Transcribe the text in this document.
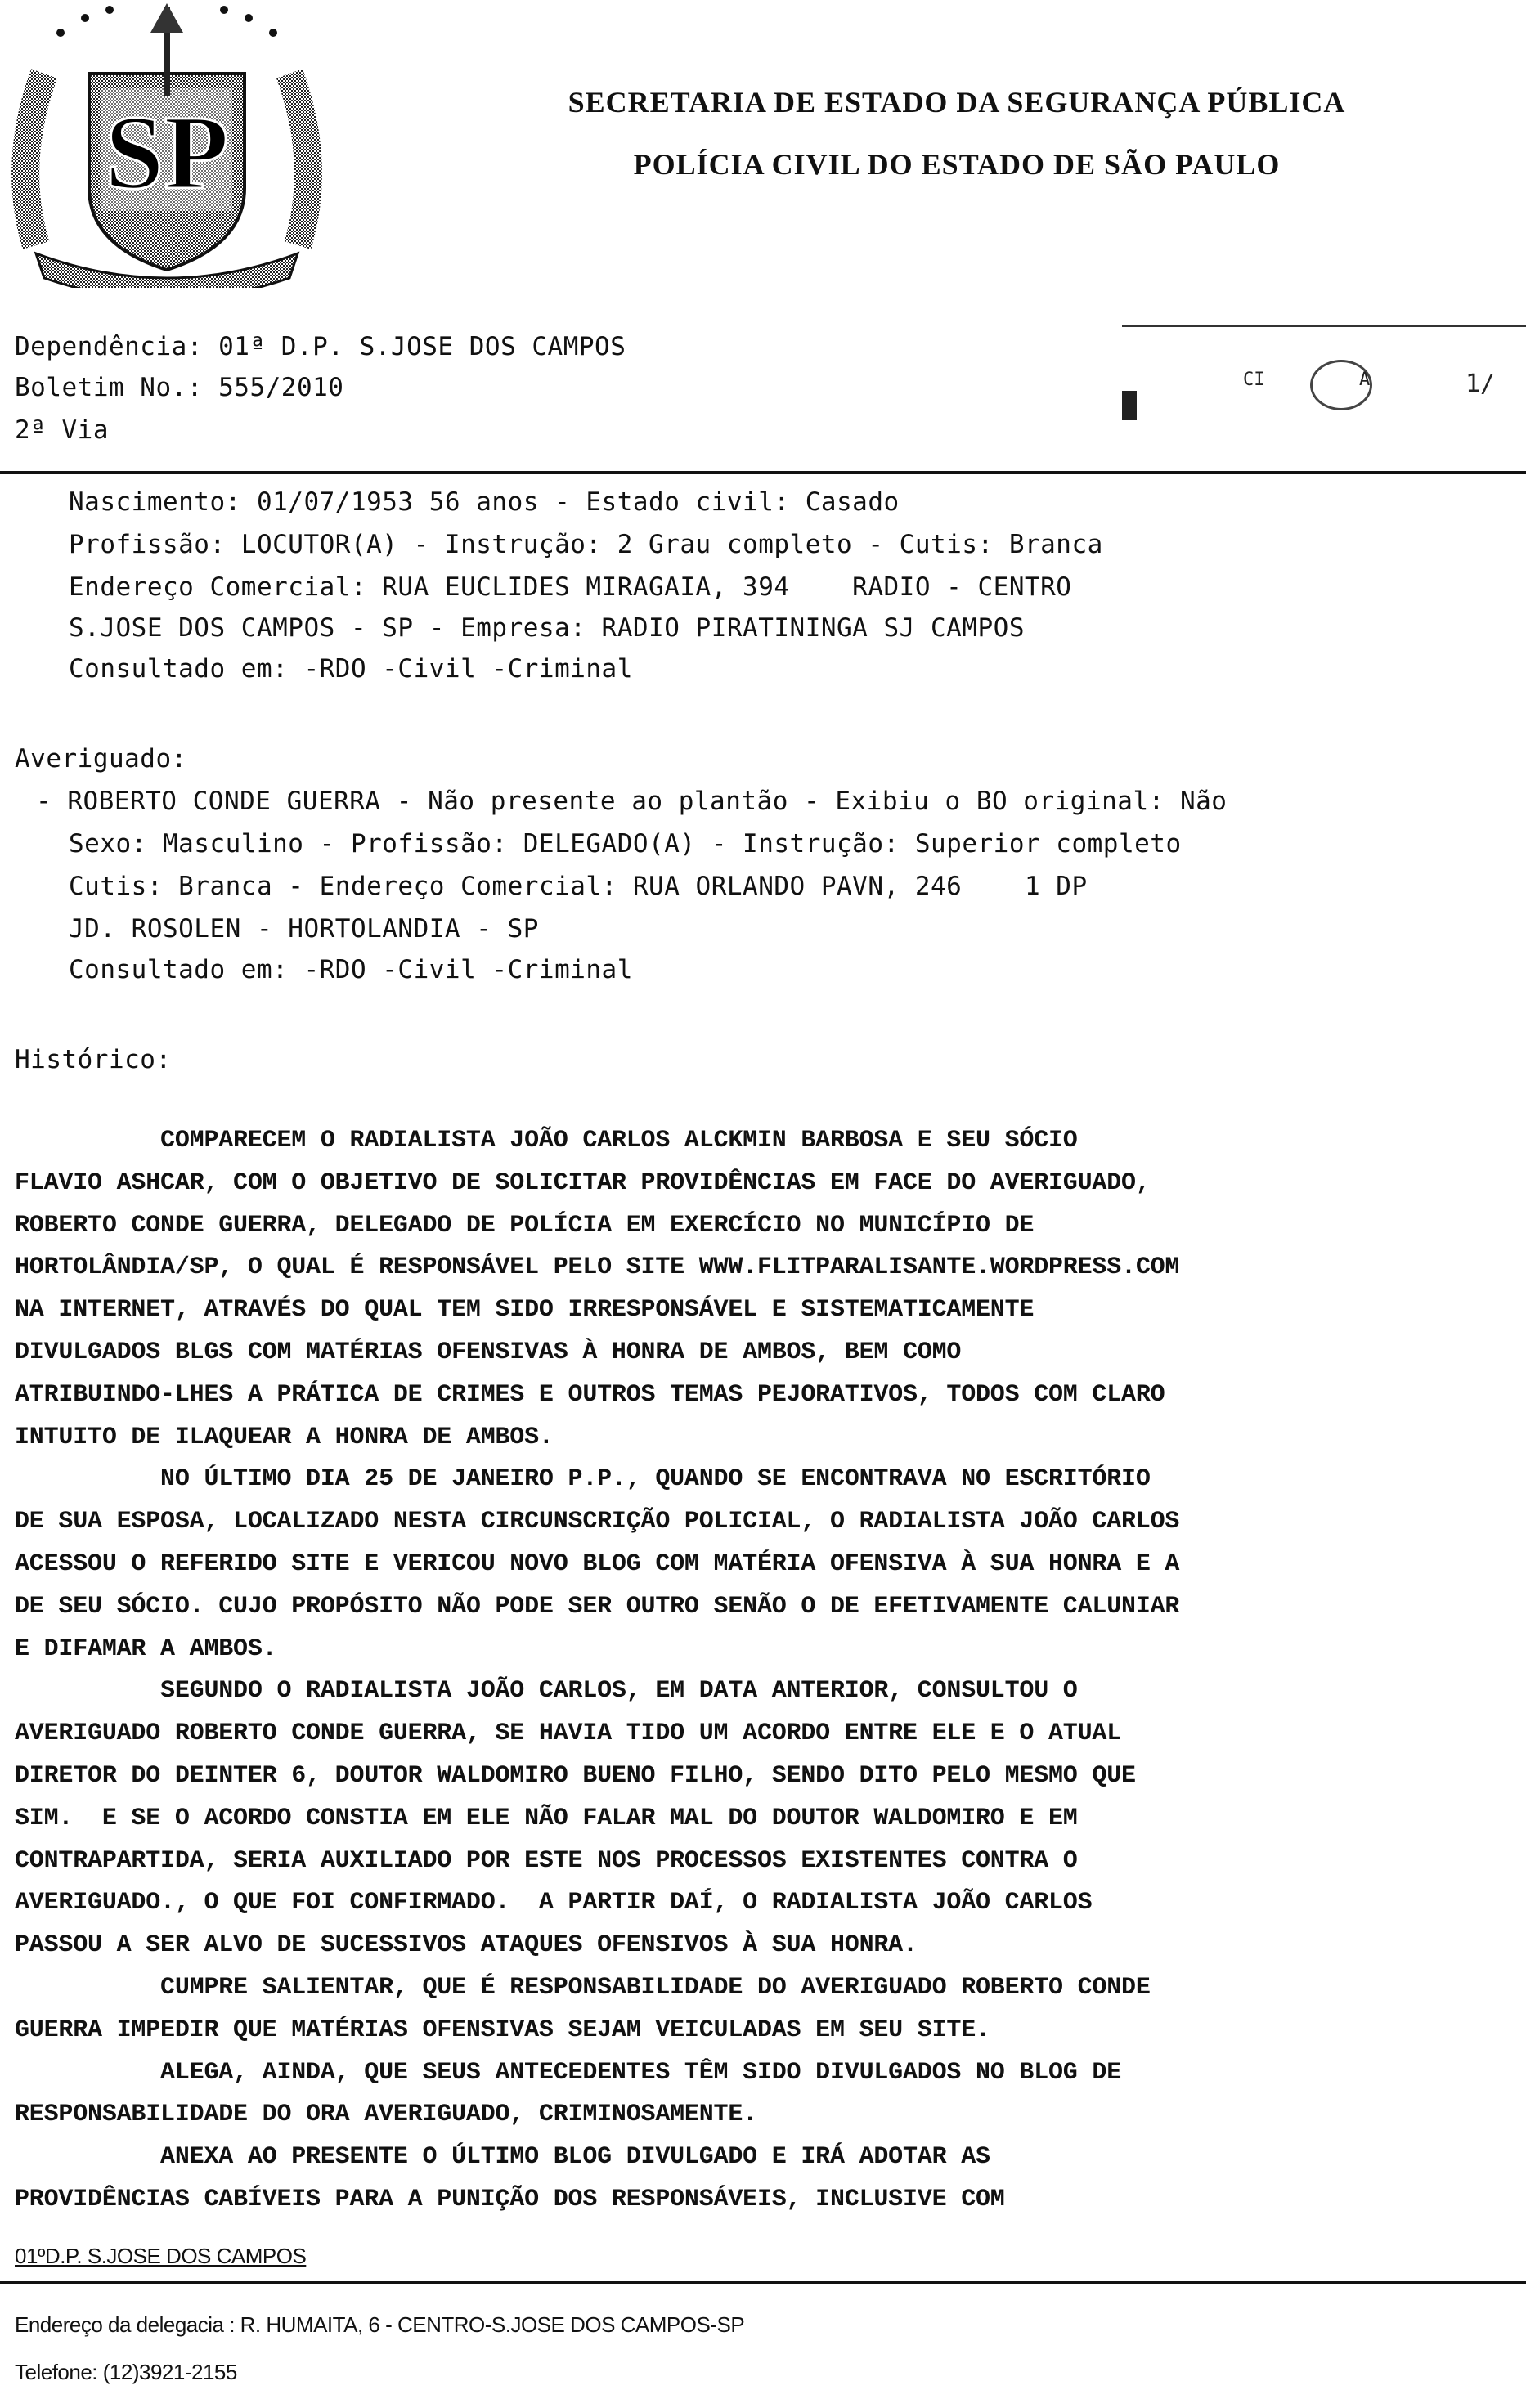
SP	SECRETARIA DE ESTADO DA SEGURANÇA PÚBLICA
POLÍCIA CIVIL DO ESTADO DE SÃO PAULO
Dependência: 01ª D.P. S.JOSE DOS CAMPOS
Boletim No.: 555/2010
2ª Via
CI	A	1/
Nascimento: 01/07/1953 56 anos - Estado civil: Casado
Profissão: LOCUTOR(A) - Instrução: 2 Grau completo - Cutis: Branca
Endereço Comercial: RUA EUCLIDES MIRAGAIA, 394    RADIO - CENTRO
S.JOSE DOS CAMPOS - SP - Empresa: RADIO PIRATININGA SJ CAMPOS
Consultado em: -RDO -Civil -Criminal
Averiguado:
- ROBERTO CONDE GUERRA - Não presente ao plantão - Exibiu o BO original: Não
Sexo: Masculino - Profissão: DELEGADO(A) - Instrução: Superior completo
Cutis: Branca - Endereço Comercial: RUA ORLANDO PAVN, 246    1 DP
JD. ROSOLEN - HORTOLANDIA - SP
Consultado em: -RDO -Civil -Criminal
Histórico:
COMPARECEM O RADIALISTA JOÃO CARLOS ALCKMIN BARBOSA E SEU SÓCIO
FLAVIO ASHCAR, COM O OBJETIVO DE SOLICITAR PROVIDÊNCIAS EM FACE DO AVERIGUADO,
ROBERTO CONDE GUERRA, DELEGADO DE POLÍCIA EM EXERCÍCIO NO MUNICÍPIO DE
HORTOLÂNDIA/SP, O QUAL É RESPONSÁVEL PELO SITE WWW.FLITPARALISANTE.WORDPRESS.COM
NA INTERNET, ATRAVÉS DO QUAL TEM SIDO IRRESPONSÁVEL E SISTEMATICAMENTE
DIVULGADOS BLGS COM MATÉRIAS OFENSIVAS À HONRA DE AMBOS, BEM COMO
ATRIBUINDO-LHES A PRÁTICA DE CRIMES E OUTROS TEMAS PEJORATIVOS, TODOS COM CLARO
INTUITO DE ILAQUEAR A HONRA DE AMBOS.
NO ÚLTIMO DIA 25 DE JANEIRO P.P., QUANDO SE ENCONTRAVA NO ESCRITÓRIO
DE SUA ESPOSA, LOCALIZADO NESTA CIRCUNSCRIÇÃO POLICIAL, O RADIALISTA JOÃO CARLOS
ACESSOU O REFERIDO SITE E VERICOU NOVO BLOG COM MATÉRIA OFENSIVA À SUA HONRA E A
DE SEU SÓCIO. CUJO PROPÓSITO NÃO PODE SER OUTRO SENÃO O DE EFETIVAMENTE CALUNIAR
E DIFAMAR A AMBOS.
SEGUNDO O RADIALISTA JOÃO CARLOS, EM DATA ANTERIOR, CONSULTOU O
AVERIGUADO ROBERTO CONDE GUERRA, SE HAVIA TIDO UM ACORDO ENTRE ELE E O ATUAL
DIRETOR DO DEINTER 6, DOUTOR WALDOMIRO BUENO FILHO, SENDO DITO PELO MESMO QUE
SIM.  E SE O ACORDO CONSTIA EM ELE NÃO FALAR MAL DO DOUTOR WALDOMIRO E EM
CONTRAPARTIDA, SERIA AUXILIADO POR ESTE NOS PROCESSOS EXISTENTES CONTRA O
AVERIGUADO., O QUE FOI CONFIRMADO.  A PARTIR DAÍ, O RADIALISTA JOÃO CARLOS
PASSOU A SER ALVO DE SUCESSIVOS ATAQUES OFENSIVOS À SUA HONRA.
CUMPRE SALIENTAR, QUE É RESPONSABILIDADE DO AVERIGUADO ROBERTO CONDE
GUERRA IMPEDIR QUE MATÉRIAS OFENSIVAS SEJAM VEICULADAS EM SEU SITE.
ALEGA, AINDA, QUE SEUS ANTECEDENTES TÊM SIDO DIVULGADOS NO BLOG DE
RESPONSABILIDADE DO ORA AVERIGUADO, CRIMINOSAMENTE.
ANEXA AO PRESENTE O ÚLTIMO BLOG DIVULGADO E IRÁ ADOTAR AS
PROVIDÊNCIAS CABÍVEIS PARA A PUNIÇÃO DOS RESPONSÁVEIS, INCLUSIVE COM
01ºD.P. S.JOSE DOS CAMPOS
Endereço da delegacia : R. HUMAITA, 6 - CENTRO-S.JOSE DOS CAMPOS-SP
Telefone: (12)3921-2155
